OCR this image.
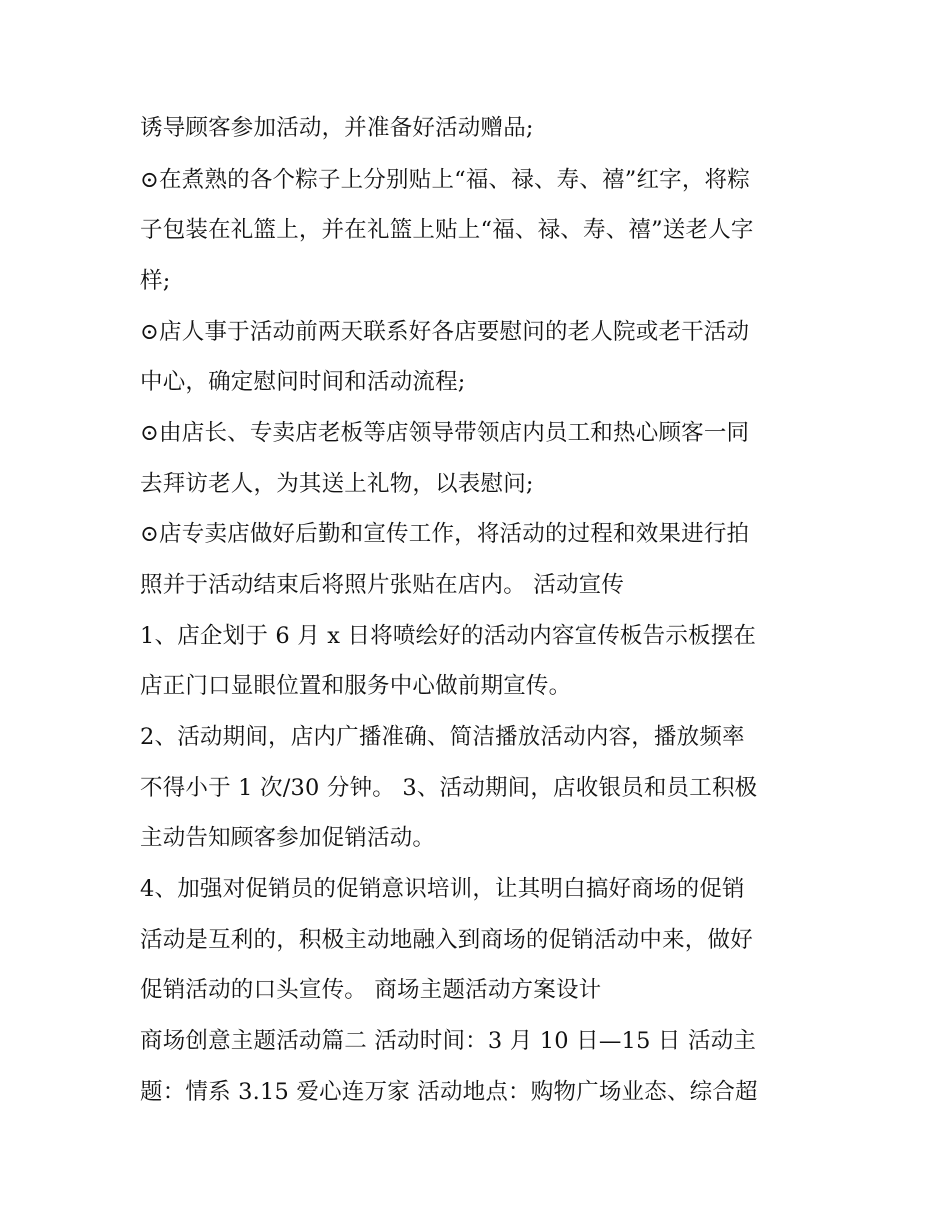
诱导顾客参加活动，并准备好活动赠品;
⊙在煮熟的各个粽子上分别贴上“福、禄、寿、禧”红字，将粽
子包装在礼篮上，并在礼篮上贴上“福、禄、寿、禧”送老人字
样;
⊙店人事于活动前两天联系好各店要慰问的老人院或老干活动
中心，确定慰问时间和活动流程;
⊙由店长、专卖店老板等店领导带领店内员工和热心顾客一同
去拜访老人，为其送上礼物，以表慰问;
⊙店专卖店做好后勤和宣传工作，将活动的过程和效果进行拍
照并于活动结束后将照片张贴在店内。 活动宣传
1、店企划于 6 月 x 日将喷绘好的活动内容宣传板告示板摆在
店正门口显眼位置和服务中心做前期宣传。
2、活动期间，店内广播准确、简洁播放活动内容，播放频率
不得小于 1 次/30 分钟。 3、活动期间，店收银员和员工积极
主动告知顾客参加促销活动。
4、加强对促销员的促销意识培训，让其明白搞好商场的促销
活动是互利的，积极主动地融入到商场的促销活动中来，做好
促销活动的口头宣传。 商场主题活动方案设计
商场创意主题活动篇二 活动时间：3 月 10 日—15 日 活动主
题：情系 3.15 爱心连万家 活动地点：购物广场业态、综合超
